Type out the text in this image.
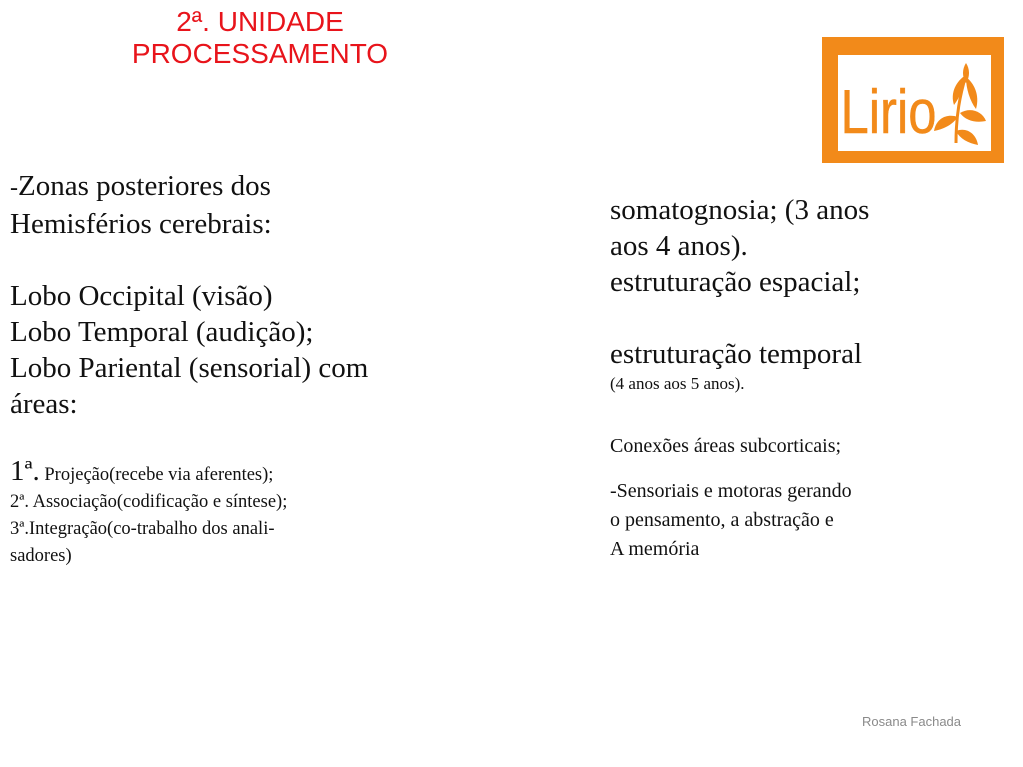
2ª. UNIDADE
PROCESSAMENTO
-Zonas posteriores dos
Hemisférios cerebrais:
Lobo Occipital (visão)
Lobo Temporal (audição);
Lobo Pariental (sensorial) com
áreas:
1ª. Projeção(recebe via aferentes);
2ª. Associação(codificação e síntese);
3ª.Integração(co-trabalho dos anali-
sadores)
somatognosia; (3 anos
aos 4 anos).
estruturação espacial;
estruturação temporal
(4 anos aos 5 anos).
Conexões áreas subcorticais;
-Sensoriais e motoras gerando
o pensamento, a abstração e
A memória
Lirio
Rosana Fachada
